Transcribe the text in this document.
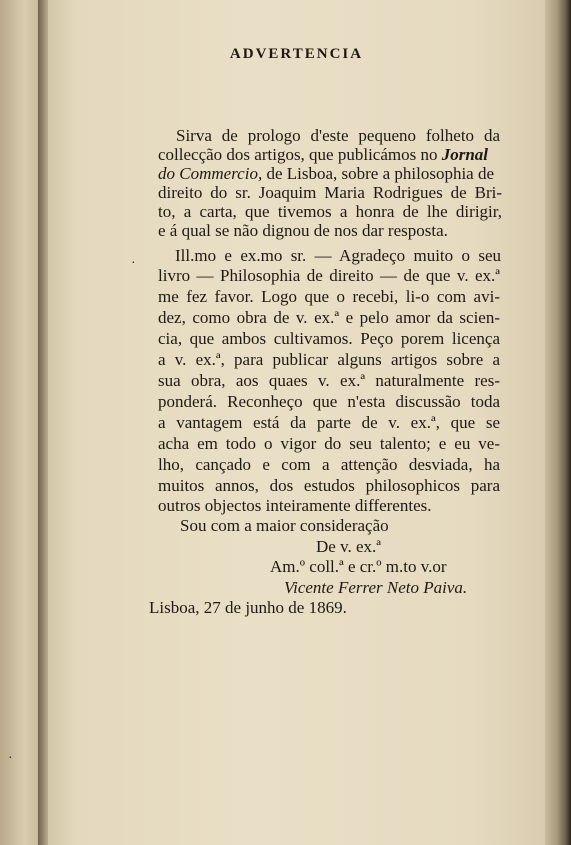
ADVERTENCIA
Sirva de prologo d'este pequeno folheto da
collecção dos artigos, que publicámos no Jornal
do Commercio, de Lisboa, sobre a philosophia de
direito do sr. Joaquim Maria Rodrigues de Bri-
to, a carta, que tivemos a honra de lhe dirigir,
e á qual se não dignou de nos dar resposta.
Ill.mo e ex.mo sr. — Agradeço muito o seu
livro — Philosophia de direito — de que v. ex.ª
me fez favor. Logo que o recebi, li-o com avi-
dez, como obra de v. ex.ª e pelo amor da scien-
cia, que ambos cultivamos. Peço porem licença
a v. ex.ª, para publicar alguns artigos sobre a
sua obra, aos quaes v. ex.ª naturalmente res-
ponderá. Reconheço que n'esta discussão toda
a vantagem está da parte de v. ex.ª, que se
acha em todo o vigor do seu talento; e eu ve-
lho, cançado e com a attenção desviada, ha
muitos annos, dos estudos philosophicos para
outros objectos inteiramente differentes.
Sou com a maior consideração
De v. ex.ª
Am.º coll.ª e cr.º m.to v.or
Vicente Ferrer Neto Paiva.
Lisboa, 27 de junho de 1869.
·
·
